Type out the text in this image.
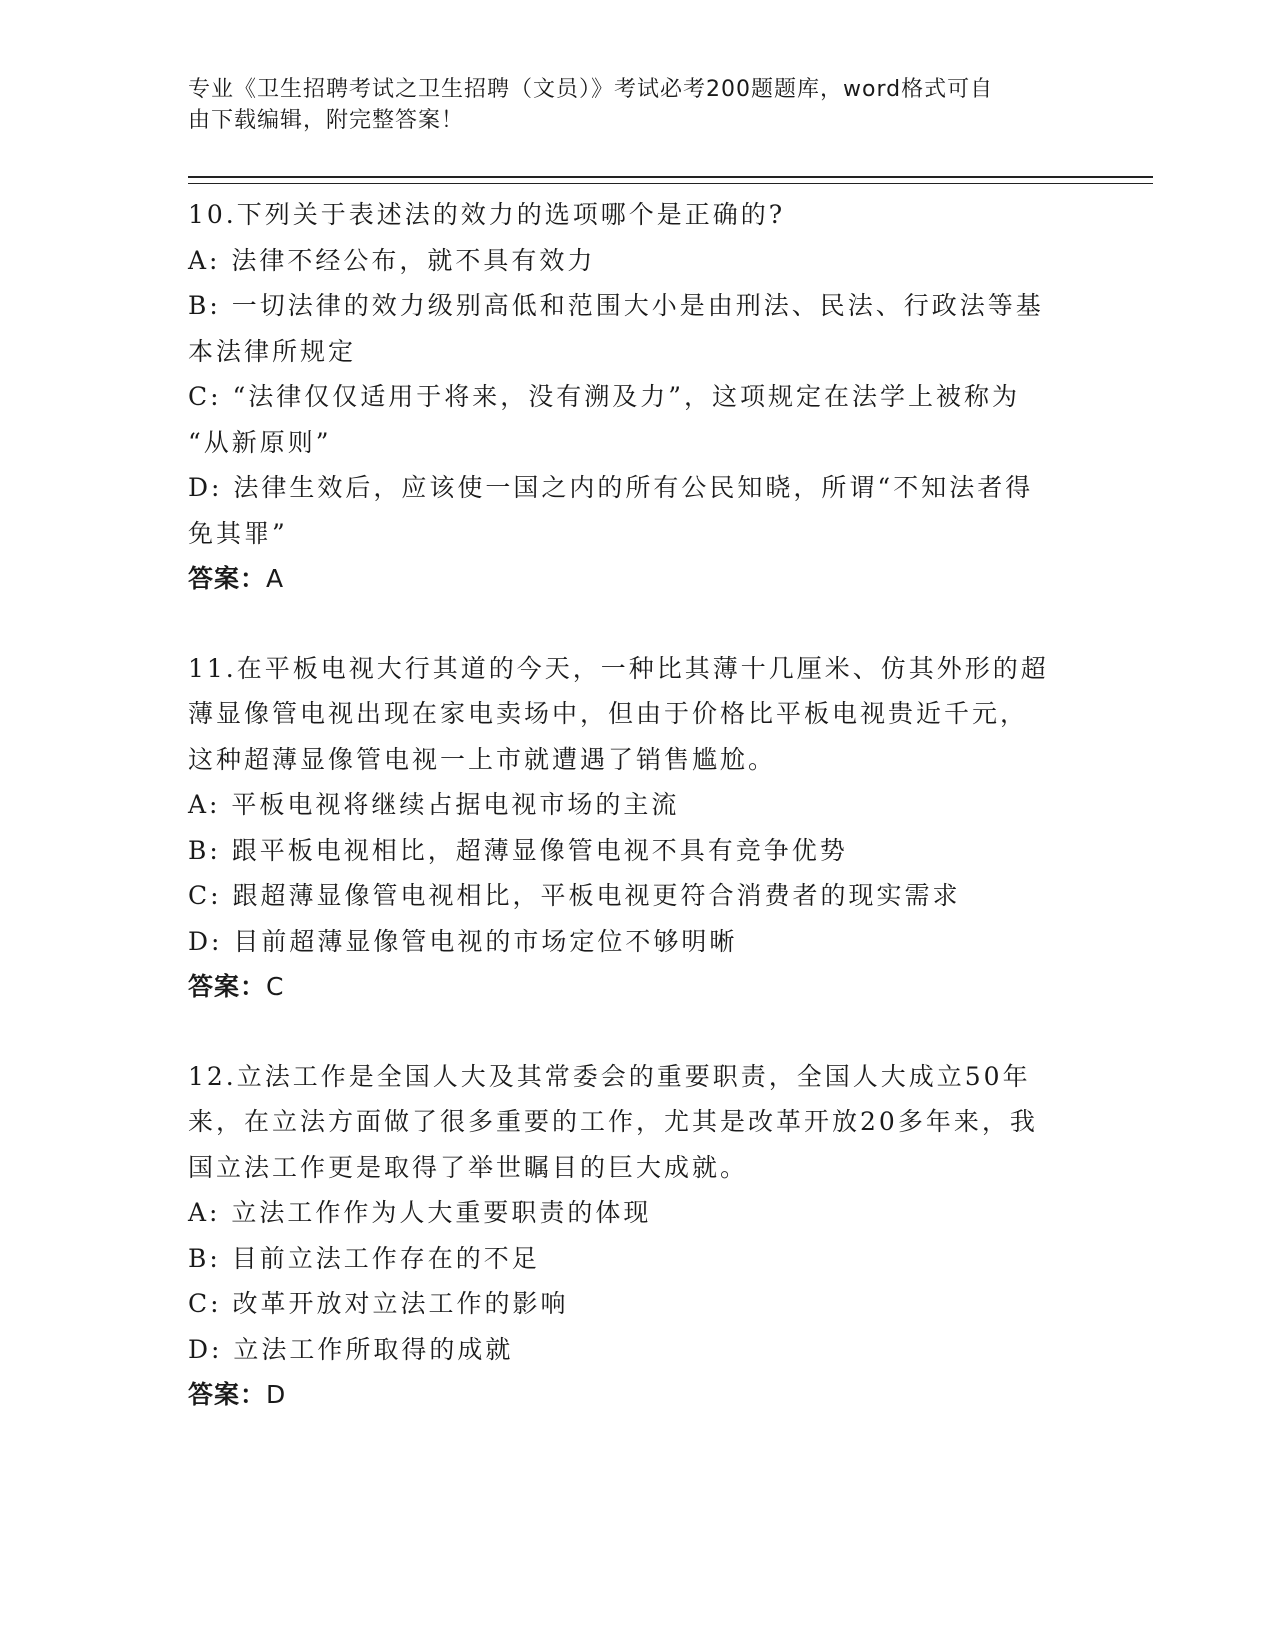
专业《卫生招聘考试之卫生招聘（文员）》考试必考200题题库，word格式可自
由下载编辑，附完整答案！
10.下列关于表述法的效力的选项哪个是正确的?
A: 法律不经公布，就不具有效力
B: 一切法律的效力级别高低和范围大小是由刑法、民法、行政法等基
本法律所规定
C: “法律仅仅适用于将来，没有溯及力”，这项规定在法学上被称为
“从新原则”
D: 法律生效后，应该使一国之内的所有公民知晓，所谓“不知法者得
免其罪”
答案：A
11.在平板电视大行其道的今天，一种比其薄十几厘米、仿其外形的超
薄显像管电视出现在家电卖场中，但由于价格比平板电视贵近千元，
这种超薄显像管电视一上市就遭遇了销售尴尬。
A: 平板电视将继续占据电视市场的主流
B: 跟平板电视相比，超薄显像管电视不具有竞争优势
C: 跟超薄显像管电视相比，平板电视更符合消费者的现实需求
D: 目前超薄显像管电视的市场定位不够明晰
答案：C
12.立法工作是全国人大及其常委会的重要职责，全国人大成立50年
来，在立法方面做了很多重要的工作，尤其是改革开放20多年来，我
国立法工作更是取得了举世瞩目的巨大成就。
A: 立法工作作为人大重要职责的体现
B: 目前立法工作存在的不足
C: 改革开放对立法工作的影响
D: 立法工作所取得的成就
答案：D
